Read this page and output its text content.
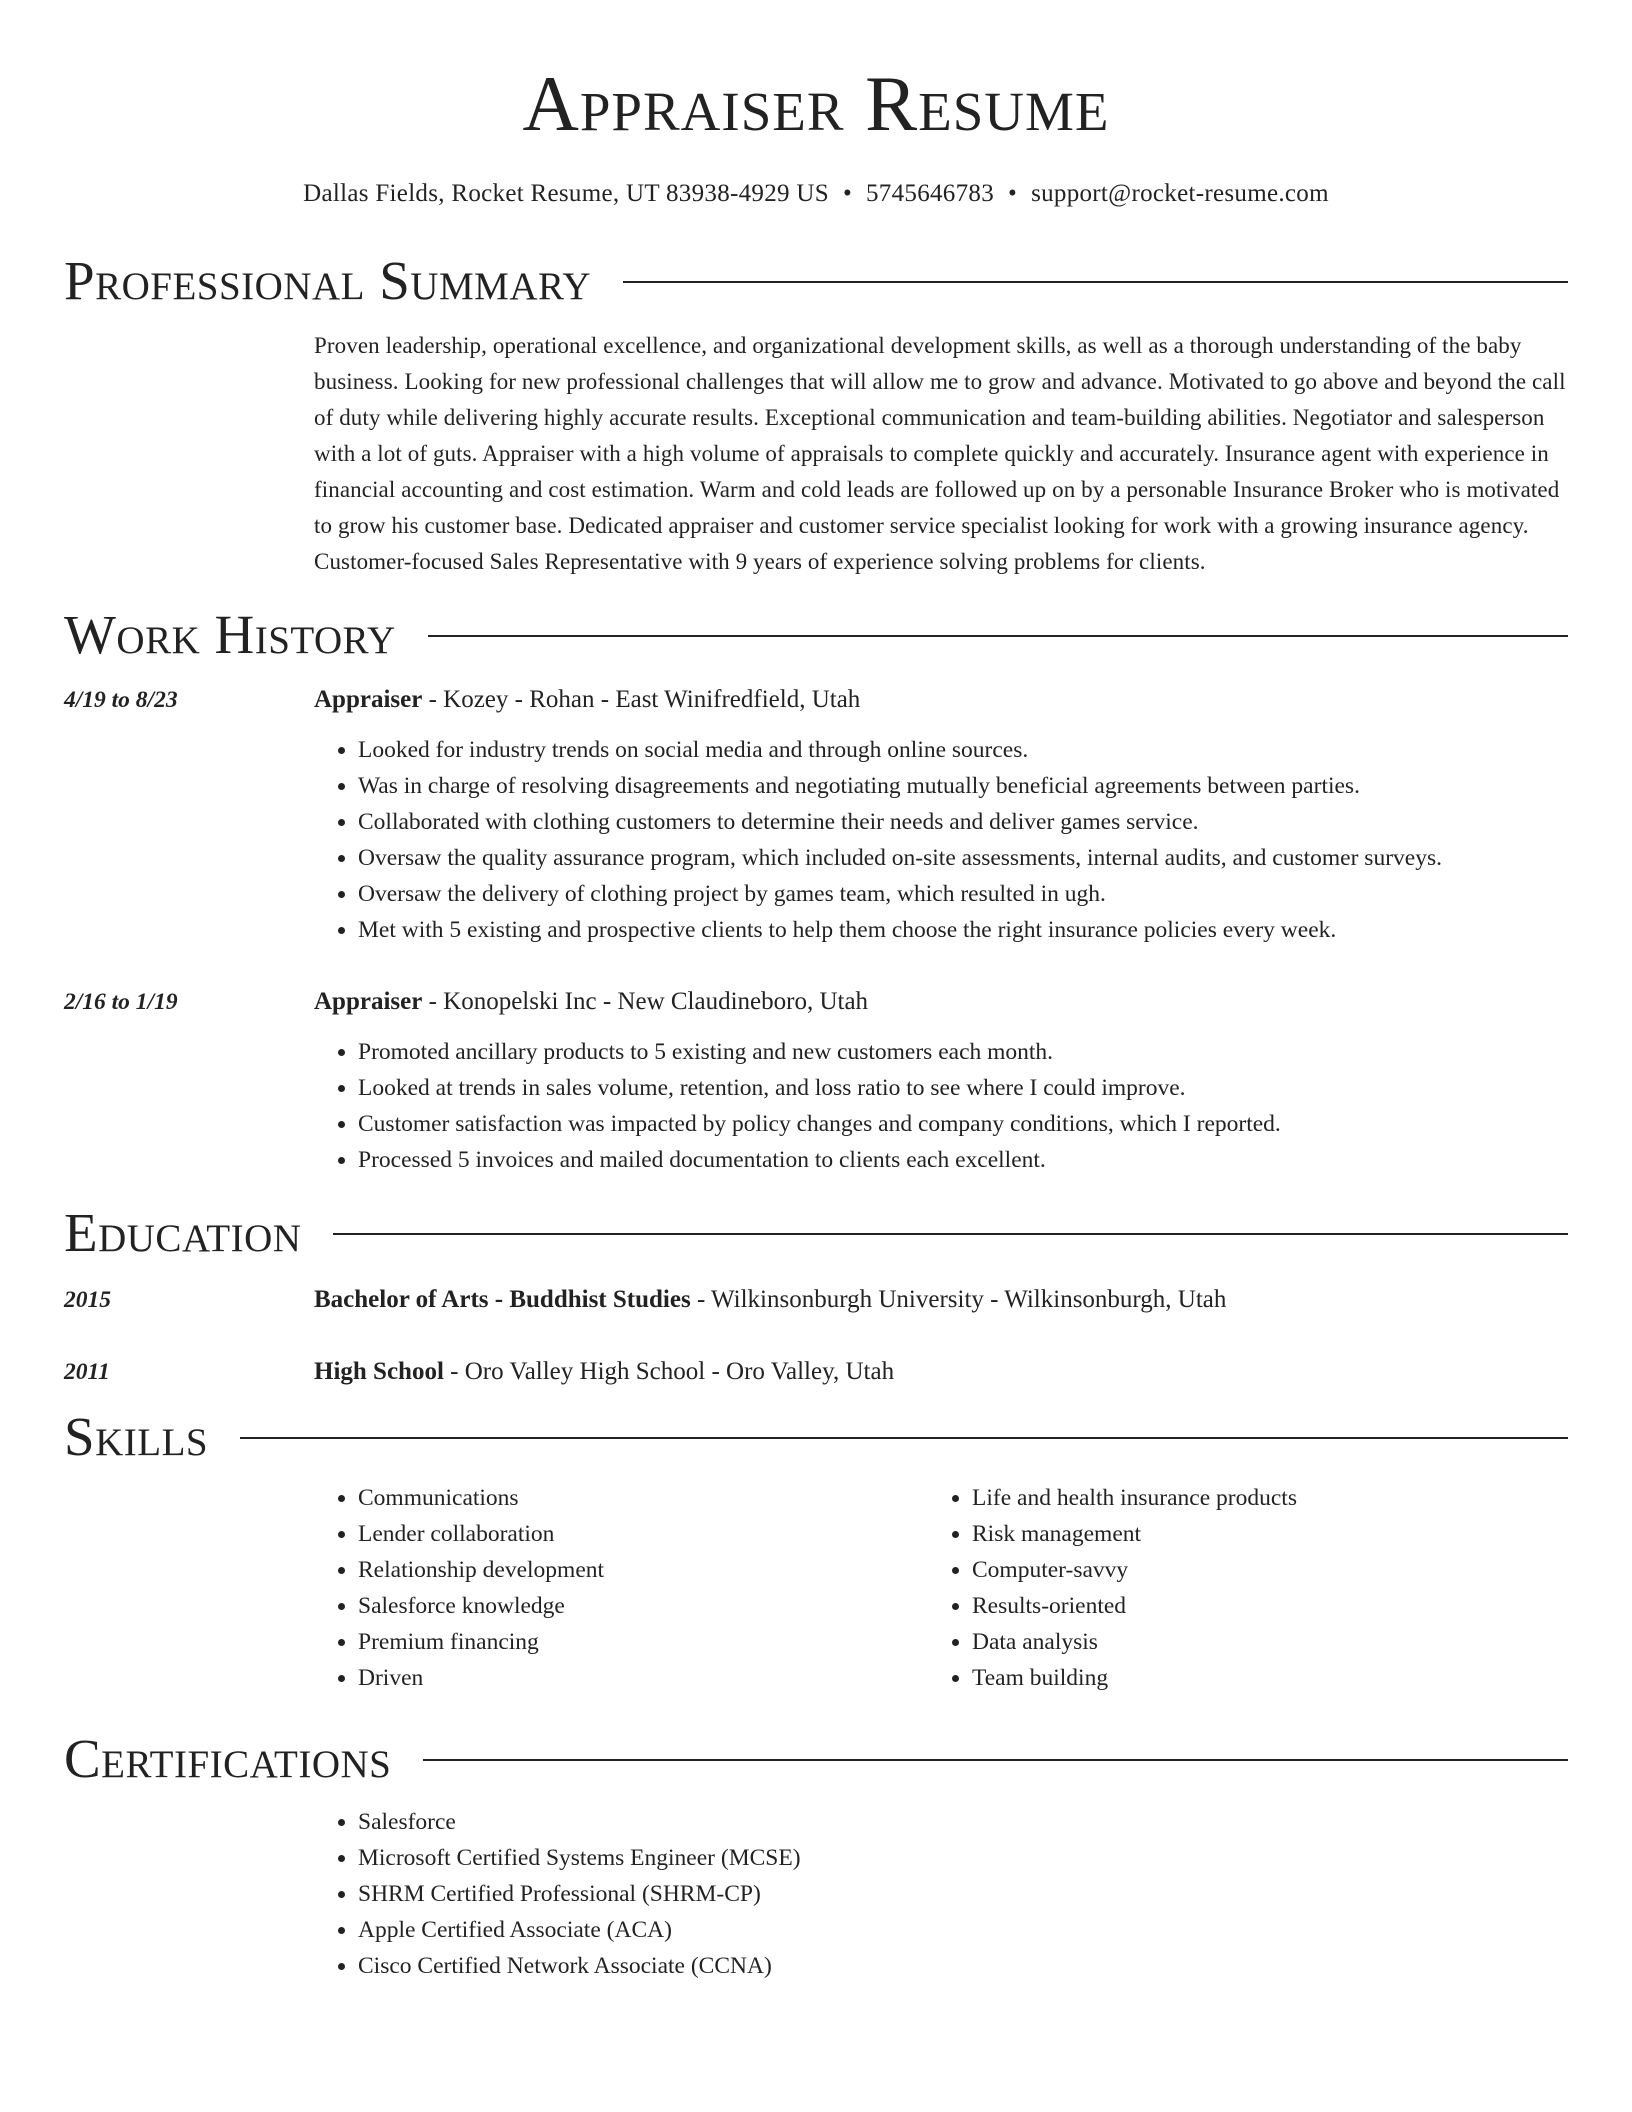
Appraiser Resume
Dallas Fields, Rocket Resume, UT 83938-4929 US • 5745646783 • support@rocket-resume.com
Professional Summary
Proven leadership, operational excellence, and organizational development skills, as well as a thorough understanding of the baby business. Looking for new professional challenges that will allow me to grow and advance. Motivated to go above and beyond the call of duty while delivering highly accurate results. Exceptional communication and team-building abilities. Negotiator and salesperson with a lot of guts. Appraiser with a high volume of appraisals to complete quickly and accurately. Insurance agent with experience in financial accounting and cost estimation. Warm and cold leads are followed up on by a personable Insurance Broker who is motivated to grow his customer base. Dedicated appraiser and customer service specialist looking for work with a growing insurance agency. Customer-focused Sales Representative with 9 years of experience solving problems for clients.
Work History
4/19 to 8/23	Appraiser - Kozey - Rohan - East Winifredfield, Utah
• Looked for industry trends on social media and through online sources.
• Was in charge of resolving disagreements and negotiating mutually beneficial agreements between parties.
• Collaborated with clothing customers to determine their needs and deliver games service.
• Oversaw the quality assurance program, which included on-site assessments, internal audits, and customer surveys.
• Oversaw the delivery of clothing project by games team, which resulted in ugh.
• Met with 5 existing and prospective clients to help them choose the right insurance policies every week.
2/16 to 1/19	Appraiser - Konopelski Inc - New Claudineboro, Utah
• Promoted ancillary products to 5 existing and new customers each month.
• Looked at trends in sales volume, retention, and loss ratio to see where I could improve.
• Customer satisfaction was impacted by policy changes and company conditions, which I reported.
• Processed 5 invoices and mailed documentation to clients each excellent.
Education
2015	Bachelor of Arts - Buddhist Studies - Wilkinsonburgh University - Wilkinsonburgh, Utah
2011	High School - Oro Valley High School - Oro Valley, Utah
Skills
• Communications
• Lender collaboration
• Relationship development
• Salesforce knowledge
• Premium financing
• Driven
• Life and health insurance products
• Risk management
• Computer-savvy
• Results-oriented
• Data analysis
• Team building
Certifications
• Salesforce
• Microsoft Certified Systems Engineer (MCSE)
• SHRM Certified Professional (SHRM-CP)
• Apple Certified Associate (ACA)
• Cisco Certified Network Associate (CCNA)
